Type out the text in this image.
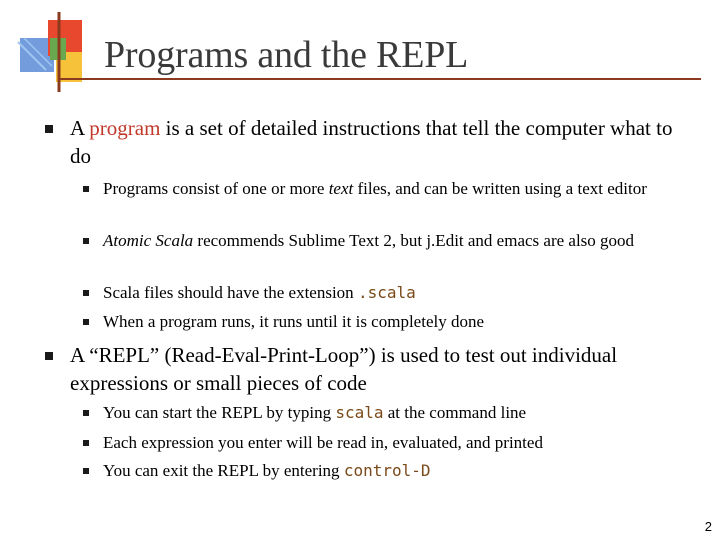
Programs and the REPL
A program is a set of detailed instructions that tell the computer what to do
Programs consist of one or more text files, and can be written using a text editor
Atomic Scala recommends Sublime Text 2, but j.Edit and emacs are also good
Scala files should have the extension .scala
When a program runs, it runs until it is completely done
A “REPL” (Read-Eval-Print-Loop”) is used to test out individual expressions or small pieces of code
You can start the REPL by typing scala at the command line
Each expression you enter will be read in, evaluated, and printed
You can exit the REPL by entering control-D
2
